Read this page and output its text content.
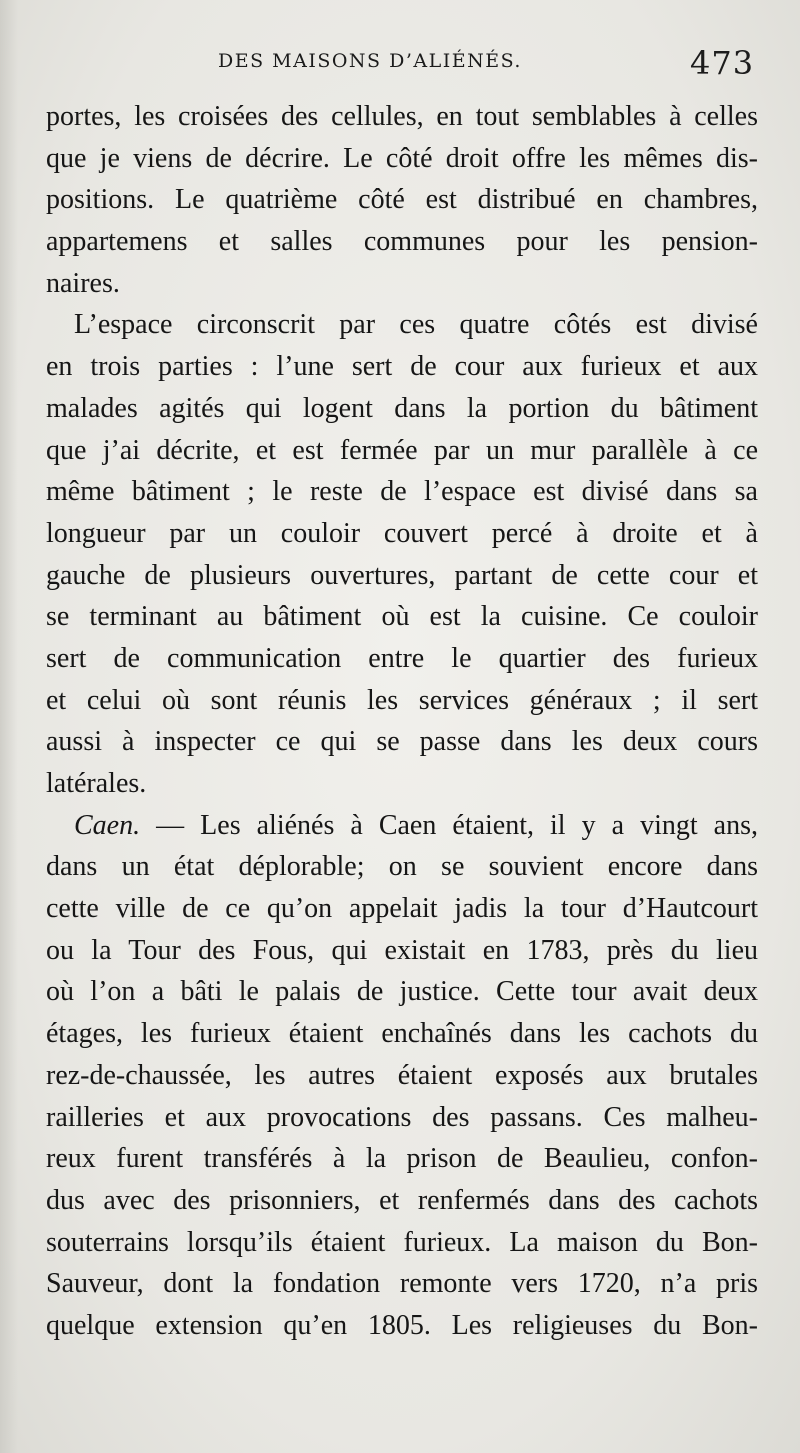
DES MAISONS D’ALIÉNÉS.	473
portes, les croisées des cellules, en tout semblables à celles
que je viens de décrire. Le côté droit offre les mêmes dis-
positions. Le quatrième côté est distribué en chambres,
appartemens et salles communes pour les pension-
naires.
L’espace circonscrit par ces quatre côtés est divisé
en trois parties : l’une sert de cour aux furieux et aux
malades agités qui logent dans la portion du bâtiment
que j’ai décrite, et est fermée par un mur parallèle à ce
même bâtiment ; le reste de l’espace est divisé dans sa
longueur par un couloir couvert percé à droite et à
gauche de plusieurs ouvertures, partant de cette cour et
se terminant au bâtiment où est la cuisine. Ce couloir
sert de communication entre le quartier des furieux
et celui où sont réunis les services généraux ; il sert
aussi à inspecter ce qui se passe dans les deux cours
latérales.
Caen. — Les aliénés à Caen étaient, il y a vingt ans,
dans un état déplorable; on se souvient encore dans
cette ville de ce qu’on appelait jadis la tour d’Hautcourt
ou la Tour des Fous, qui existait en 1783, près du lieu
où l’on a bâti le palais de justice. Cette tour avait deux
étages, les furieux étaient enchaînés dans les cachots du
rez-de-chaussée, les autres étaient exposés aux brutales
railleries et aux provocations des passans. Ces malheu-
reux furent transférés à la prison de Beaulieu, confon-
dus avec des prisonniers, et renfermés dans des cachots
souterrains lorsqu’ils étaient furieux. La maison du Bon-
Sauveur, dont la fondation remonte vers 1720, n’a pris
quelque extension qu’en 1805. Les religieuses du Bon-
